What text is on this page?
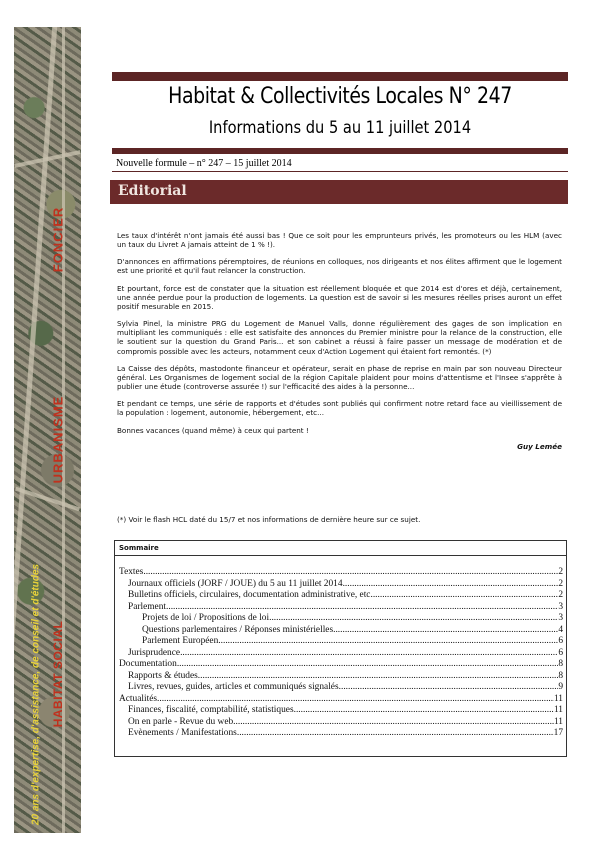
FONCIER
URBANISME
HABITAT SOCIAL
20 ans d'expertise, d'assistance, de conseil et d'études
Habitat & Collectivités Locales N° 247
Informations du 5 au 11 juillet 2014
Nouvelle formule – n° 247 – 15 juillet 2014
Editorial

Les taux d'intérêt n'ont jamais été aussi bas ! Que ce soit pour les emprunteurs privés, les promoteurs ou les HLM (avec un taux du Livret A jamais atteint de 1 % !).

D'annonces en affirmations péremptoires, de réunions en colloques, nos dirigeants et nos élites affirment que le logement est une priorité et qu'il faut relancer la construction.

Et pourtant, force est de constater que la situation est réellement bloquée et que 2014 est d'ores et déjà, certainement, une année perdue pour la production de logements. La question est de savoir si les mesures réelles prises auront un effet positif mesurable en 2015.

Sylvia Pinel, la ministre PRG du Logement de Manuel Valls, donne régulièrement des gages de son implication en multipliant les communiqués : elle est satisfaite des annonces du Premier ministre pour la relance de la construction, elle le soutient sur la question du Grand Paris... et son cabinet a réussi à faire passer un message de modération et de compromis possible avec les acteurs, notamment ceux d'Action Logement qui étaient fort remontés. (*)

La Caisse des dépôts, mastodonte financeur et opérateur, serait en phase de reprise en main par son nouveau Directeur général. Les Organismes de logement social de la région Capitale plaident pour moins d'attentisme et l'Insee s'apprête à publier une étude (controverse assurée !) sur l'efficacité des aides à la personne...

Et pendant ce temps, une série de rapports et d'études sont publiés qui confirment notre retard face au vieillissement de la population : logement, autonomie, hébergement, etc...

Bonnes vacances (quand même) à ceux qui partent !

Guy Lemée

(*) Voir le flash HCL daté du 15/7 et nos informations de dernière heure sur ce sujet.
Sommaire
Textes .....	2
Journaux officiels (JORF / JOUE) du 5 au 11 juillet 2014 .....	2
Bulletins officiels, circulaires, documentation administrative, etc. .....	2
Parlement .....	3
Projets de loi / Propositions de loi .....	3
Questions parlementaires / Réponses ministérielles .....	4
Parlement Européen .....	6
Jurisprudence .....	6
Documentation .....	8
Rapports & études .....	8
Livres, revues, guides, articles et communiqués signalés .....	9
Actualités .....	11
Finances, fiscalité, comptabilité, statistiques .....	11
On en parle - Revue du web .....	11
Evènements / Manifestations .....	17
